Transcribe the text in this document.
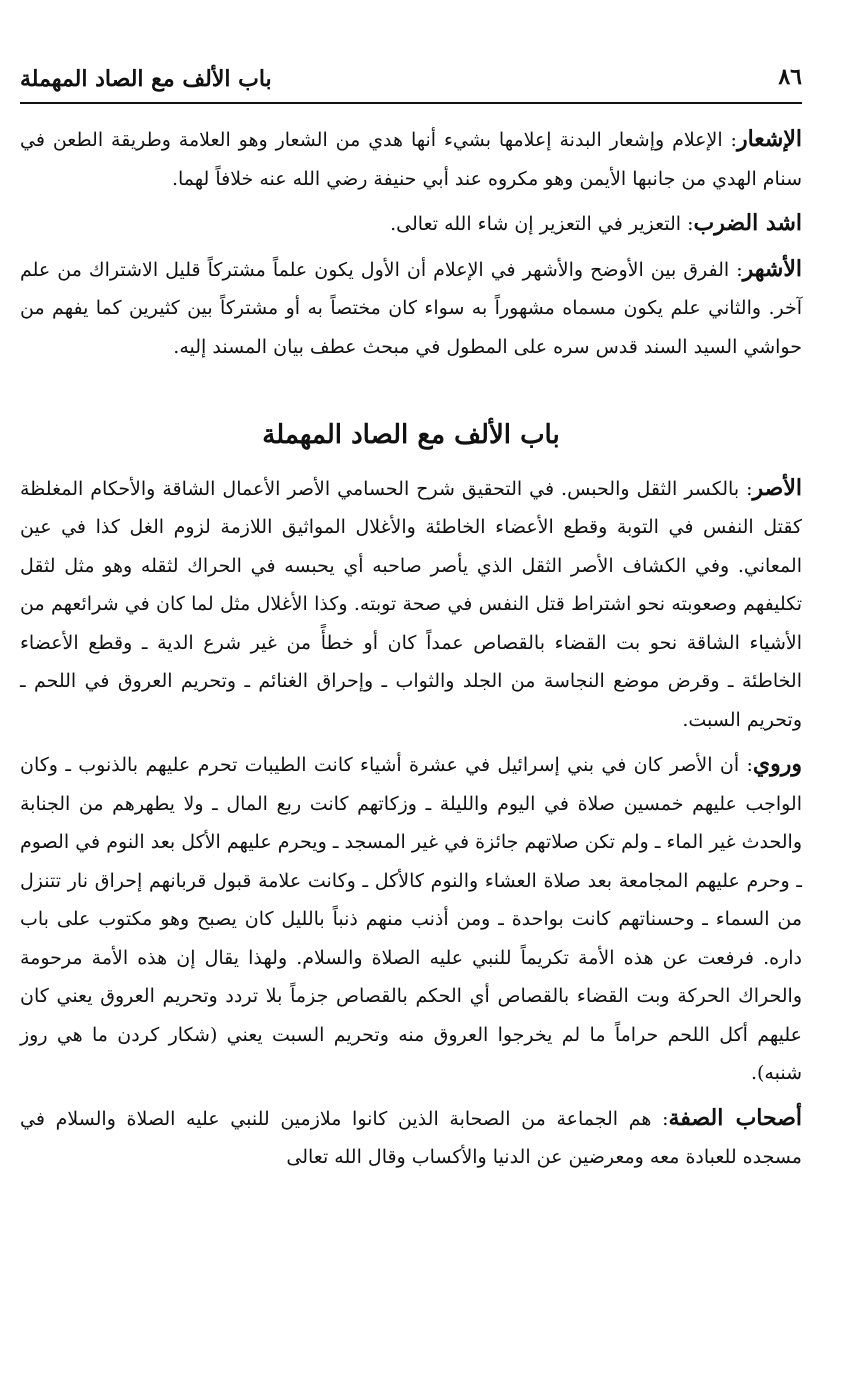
باب الألف مع الصاد المهملة	٨٦

الإشعار: الإعلام وإشعار البدنة إعلامها بشيء أنها هدي من الشعار وهو العلامة وطريقة الطعن في سنام الهدي من جانبها الأيمن وهو مكروه عند أبي حنيفة رضي الله عنه خلافاً لهما.

اشد الضرب: التعزير في التعزير إن شاء الله تعالى.

الأشهر: الفرق بين الأوضح والأشهر في الإعلام أن الأول يكون علماً مشتركاً قليل الاشتراك من علم آخر. والثاني علم يكون مسماه مشهوراً به سواء كان مختصاً به أو مشتركاً بين كثيرين كما يفهم من حواشي السيد السند قدس سره على المطول في مبحث عطف بيان المسند إليه.

باب الألف مع الصاد المهملة

الأصر: بالكسر الثقل والحبس. في التحقيق شرح الحسامي الأصر الأعمال الشاقة والأحكام المغلظة كقتل النفس في التوبة وقطع الأعضاء الخاطئة والأغلال المواثيق اللازمة لزوم الغل كذا في عين المعاني. وفي الكشاف الأصر الثقل الذي يأصر صاحبه أي يحبسه في الحراك لثقله وهو مثل لثقل تكليفهم وصعوبته نحو اشتراط قتل النفس في صحة توبته. وكذا الأغلال مثل لما كان في شرائعهم من الأشياء الشاقة نحو بت القضاء بالقصاص عمداً كان أو خطأً من غير شرع الدية ـ وقطع الأعضاء الخاطئة ـ وقرض موضع النجاسة من الجلد والثواب ـ وإحراق الغنائم ـ وتحريم العروق في اللحم ـ وتحريم السبت.

وروي: أن الأصر كان في بني إسرائيل في عشرة أشياء كانت الطيبات تحرم عليهم بالذنوب ـ وكان الواجب عليهم خمسين صلاة في اليوم والليلة ـ وزكاتهم كانت ربع المال ـ ولا يطهرهم من الجنابة والحدث غير الماء ـ ولم تكن صلاتهم جائزة في غير المسجد ـ ويحرم عليهم الأكل بعد النوم في الصوم ـ وحرم عليهم المجامعة بعد صلاة العشاء والنوم كالأكل ـ وكانت علامة قبول قربانهم إحراق نار تتنزل من السماء ـ وحسناتهم كانت بواحدة ـ ومن أذنب منهم ذنباً بالليل كان يصبح وهو مكتوب على باب داره. فرفعت عن هذه الأمة تكريماً للنبي عليه الصلاة والسلام. ولهذا يقال إن هذه الأمة مرحومة والحراك الحركة وبت القضاء بالقصاص أي الحكم بالقصاص جزماً بلا تردد وتحريم العروق يعني كان عليهم أكل اللحم حراماً ما لم يخرجوا العروق منه وتحريم السبت يعني (شكار كردن ما هي روز شنبه).

أصحاب الصفة: هم الجماعة من الصحابة الذين كانوا ملازمين للنبي عليه الصلاة والسلام في مسجده للعبادة معه ومعرضين عن الدنيا والأكساب وقال الله تعالى
